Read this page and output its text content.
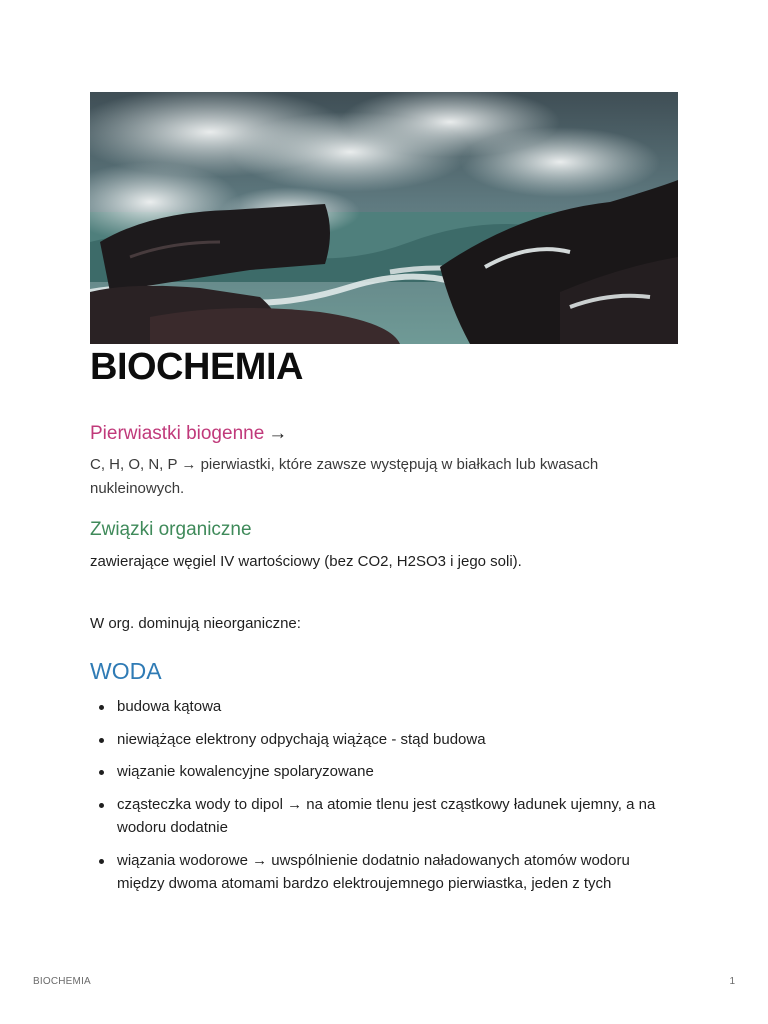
BIOCHEMIA
Pierwiastki biogenne →

C, H, O, N, P → pierwiastki, które zawsze występują w białkach lub kwasach nukleinowych.

Związki organiczne

zawierające węgiel IV wartościowy (bez CO2, H2SO3 i jego soli).

W org. dominują nieorganiczne:

WODA
budowa kątowa
niewiążące elektrony odpychają wiążące - stąd budowa
wiązanie kowalencyjne spolaryzowane
cząsteczka wody to dipol → na atomie tlenu jest cząstkowy ładunek ujemny, a na wodoru dodatnie
wiązania wodorowe → uwspólnienie dodatnio naładowanych atomów wodoru między dwoma atomami bardzo elektroujemnego pierwiastka, jeden z tych
BIOCHEMIA	1
